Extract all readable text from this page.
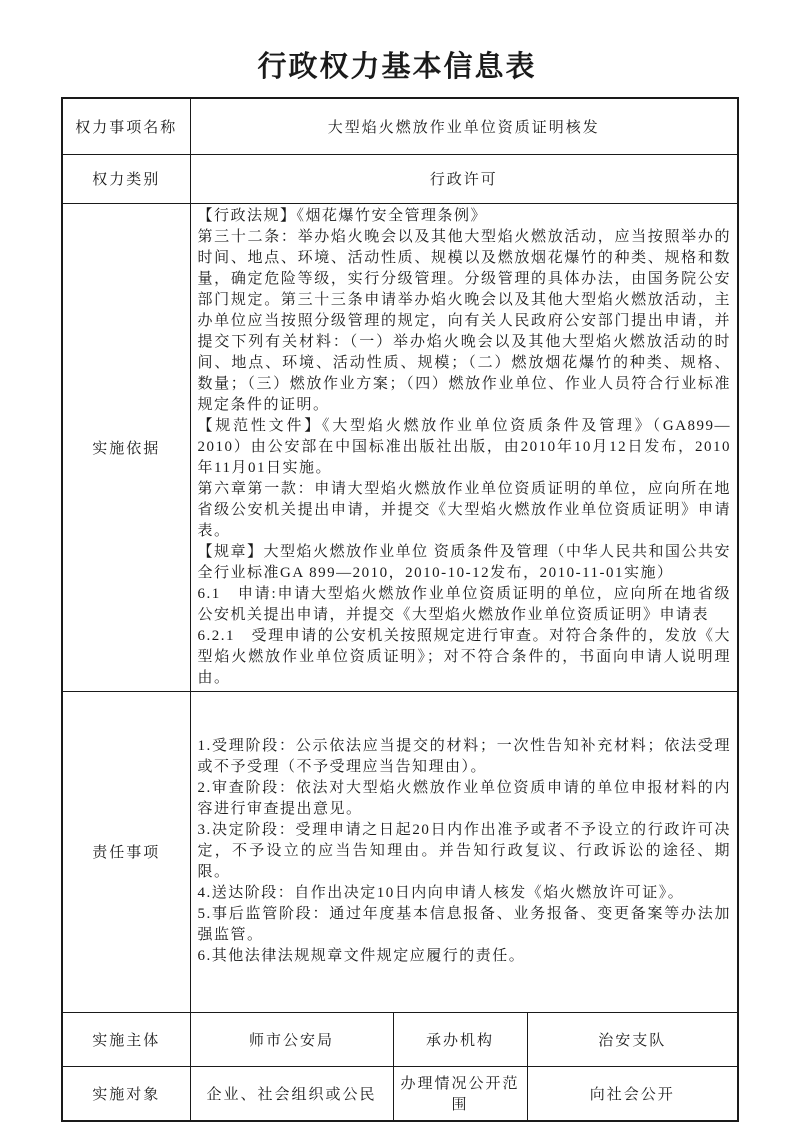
行政权力基本信息表
权力事项名称	大型焰火燃放作业单位资质证明核发		
权力类别	行政许可		
实施依据	
【行政法规】《烟花爆竹安全管理条例》
第三十二条：举办焰火晚会以及其他大型焰火燃放活动，应当按照举办的时间、地点、环境、活动性质、规模以及燃放烟花爆竹的种类、规格和数量，确定危险等级，实行分级管理。分级管理的具体办法，由国务院公安部门规定。第三十三条申请举办焰火晚会以及其他大型焰火燃放活动，主办单位应当按照分级管理的规定，向有关人民政府公安部门提出申请，并提交下列有关材料：（一）举办焰火晚会以及其他大型焰火燃放活动的时间、地点、环境、活动性质、规模；（二）燃放烟花爆竹的种类、规格、数量；（三）燃放作业方案；（四）燃放作业单位、作业人员符合行业标准规定条件的证明。
【规范性文件】《大型焰火燃放作业单位资质条件及管理》（GA899—2010）由公安部在中国标准出版社出版，由2010年10月12日发布，2010年11月01日实施。
第六章第一款：申请大型焰火燃放作业单位资质证明的单位，应向所在地省级公安机关提出申请，并提交《大型焰火燃放作业单位资质证明》申请表。
【规章】大型焰火燃放作业单位 资质条件及管理（中华人民共和国公共安全行业标准GA 899—2010，2010-10-12发布，2010-11-01实施）
6.1　申请:申请大型焰火燃放作业单位资质证明的单位，应向所在地省级公安机关提出申请，并提交《大型焰火燃放作业单位资质证明》申请表
6.2.1　受理申请的公安机关按照规定进行审查。对符合条件的，发放《大型焰火燃放作业单位资质证明》；对不符合条件的，书面向申请人说明理由。

责任事项	
1.受理阶段：公示依法应当提交的材料；一次性告知补充材料；依法受理或不予受理（不予受理应当告知理由）。
2.审查阶段：依法对大型焰火燃放作业单位资质申请的单位申报材料的内容进行审查提出意见。
3.决定阶段：受理申请之日起20日内作出准予或者不予设立的行政许可决定，不予设立的应当告知理由。并告知行政复议、行政诉讼的途径、期限。
4.送达阶段：自作出决定10日内向申请人核发《焰火燃放许可证》。
5.事后监管阶段：通过年度基本信息报备、业务报备、变更备案等办法加强监管。
6.其他法律法规规章文件规定应履行的责任。

实施主体	师市公安局	承办机构	治安支队
实施对象	企业、社会组织或公民	办理情况公开范围	向社会公开
